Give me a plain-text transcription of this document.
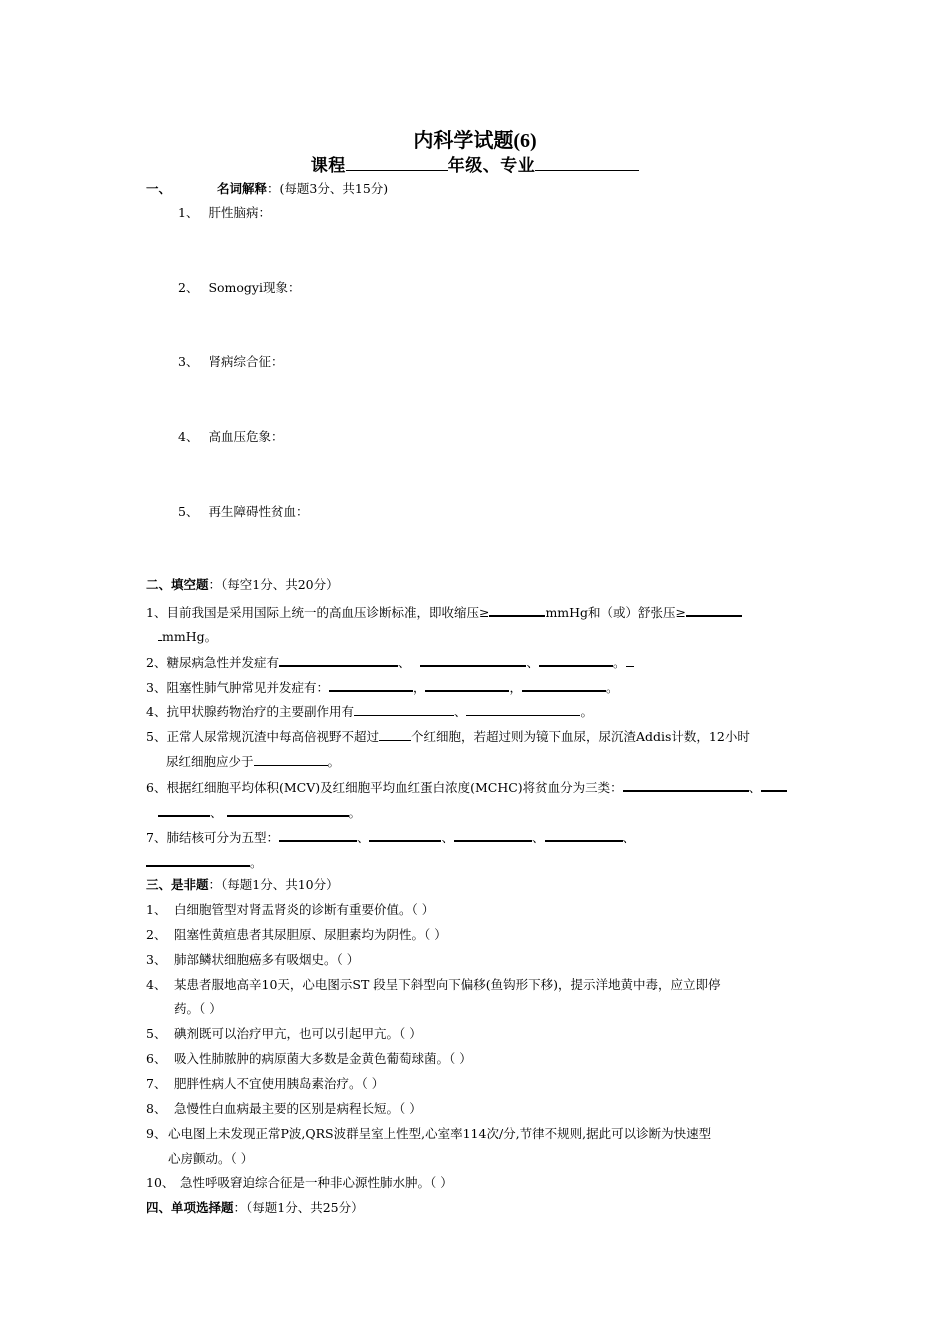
内科学试题(6)
课程	年级、专业
一、	名词解释：(每题3分、共15分)
1、 肝性脑病：
2、 Somogyi现象：
3、 肾病综合征：
4、 高血压危象：
5、 再生障碍性贫血：
二、填空题：（每空1分、共20分）
1、目前我国是采用国际上统一的高血压诊断标准，即收缩压≥	mmHg和（或）舒张压≥
mmHg。
2、糖尿病急性并发症有	、	、	。
3、阻塞性肺气肿常见并发症有：	，	，	。
4、抗甲状腺药物治疗的主要副作用有	、	。
5、正常人尿常规沉渣中每高倍视野不超过	个红细胞，若超过则为镜下血尿，尿沉渣Addis计数，12小时
尿红细胞应少于	。
6、根据红细胞平均体积(MCV)及红细胞平均血红蛋白浓度(MCHC)将贫血分为三类：	、
、	。
7、肺结核可分为五型：	、	、	、	、
。
三、是非题：（每题1分、共10分）
1、 白细胞管型对肾盂肾炎的诊断有重要价值。（ ）
2、 阻塞性黄疸患者其尿胆原、尿胆素均为阴性。（ ）
3、 肺部鳞状细胞癌多有吸烟史。（ ）
4、 某患者服地高辛10天，心电图示ST 段呈下斜型向下偏移(鱼钩形下移)，提示洋地黄中毒，应立即停
药。（ ）
5、 碘剂既可以治疗甲亢，也可以引起甲亢。（ ）
6、 吸入性肺脓肿的病原菌大多数是金黄色葡萄球菌。（ ）
7、 肥胖性病人不宜使用胰岛素治疗。（ ）
8、 急慢性白血病最主要的区别是病程长短。（ ）
9、 心电图上未发现正常P波,QRS波群呈室上性型,心室率114次/分,节律不规则,据此可以诊断为快速型
心房颤动。（ ）
10、 急性呼吸窘迫综合征是一种非心源性肺水肿。（ ）
四、单项选择题：（每题1分、共25分）
